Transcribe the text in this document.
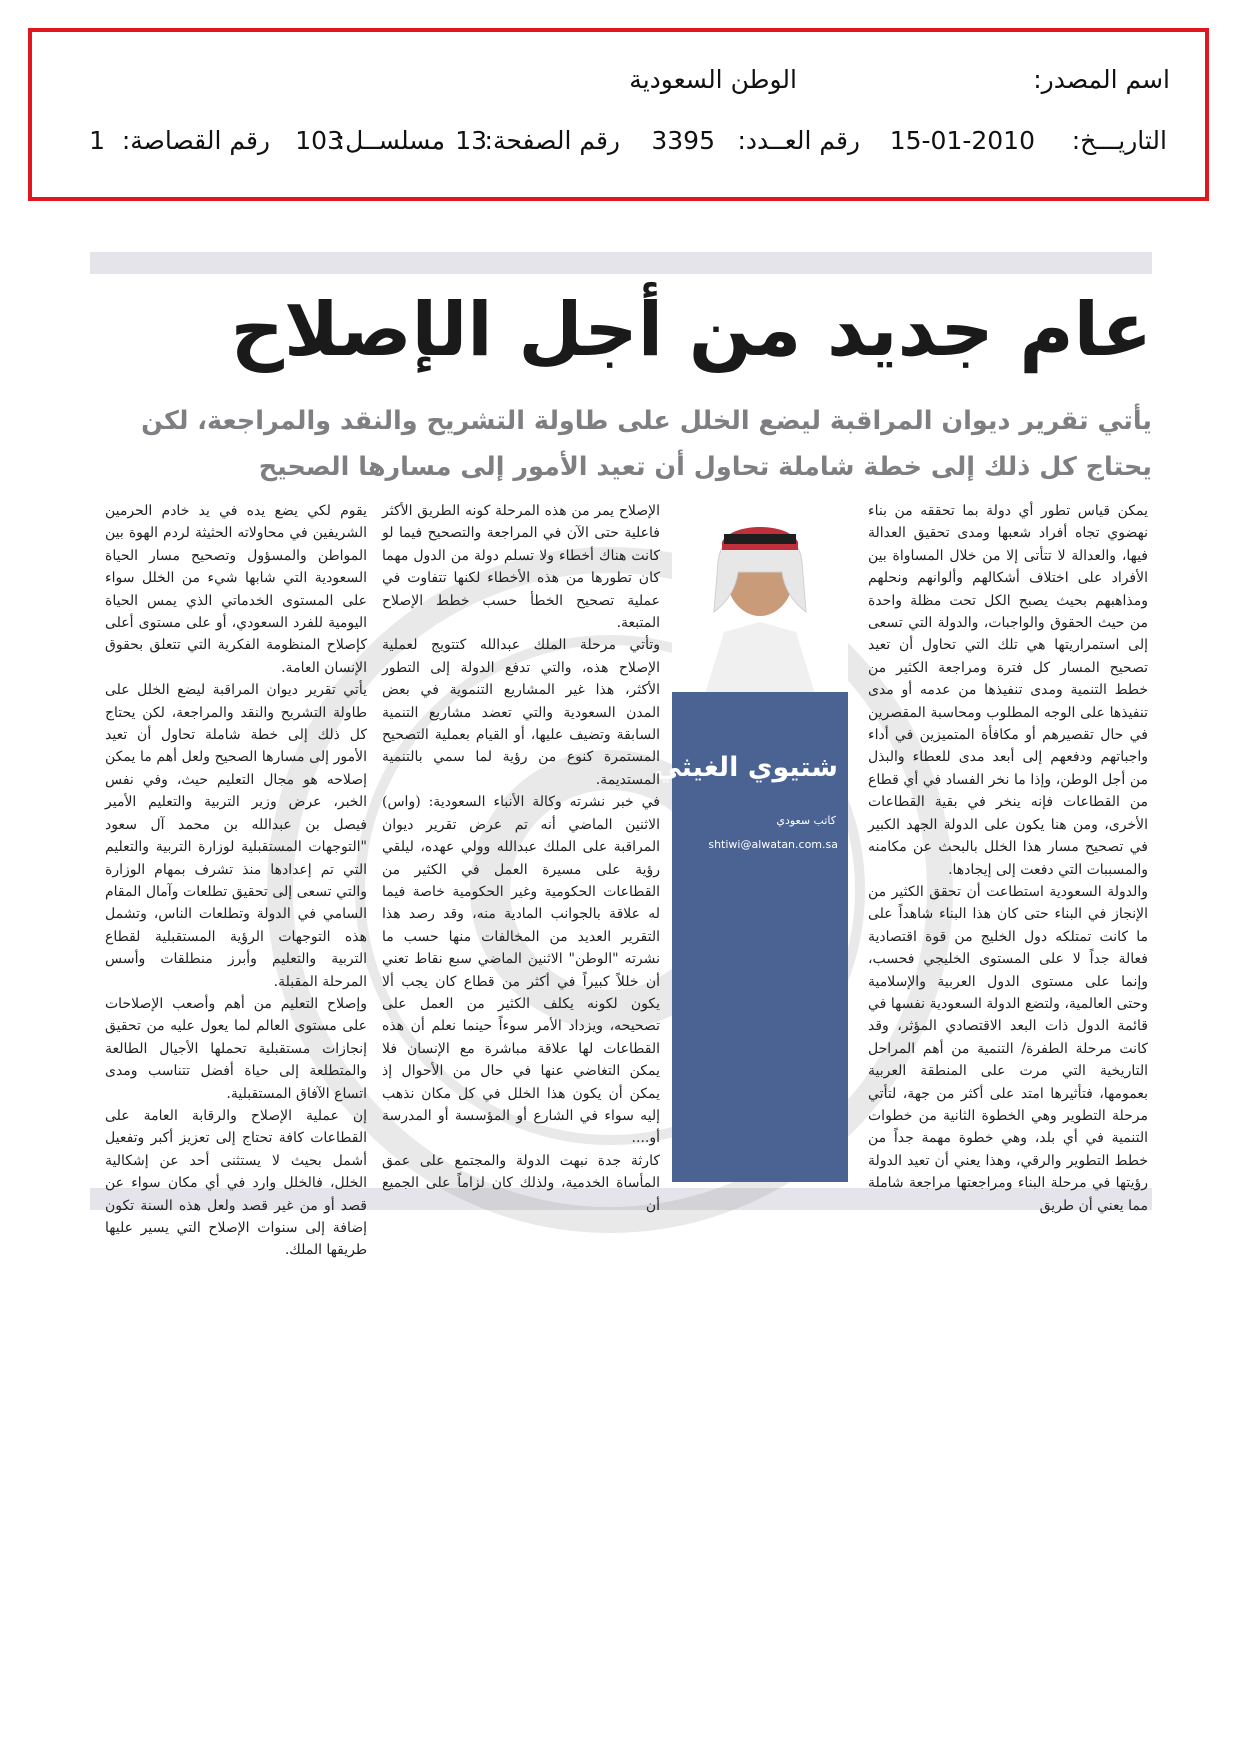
اسم المصدر:
الوطن السعودية
التاريـــخ:
15-01-2010
رقم العــدد:
3395
رقم الصفحة:
13
مسلســل:
103
رقم القصاصة:
1
عام جديد من أجل الإصلاح
يأتي تقرير ديوان المراقبة ليضع الخلل على طاولة التشريح والنقد والمراجعة، لكن يحتاج كل ذلك إلى خطة شاملة تحاول أن تعيد الأمور إلى مسارها الصحيح

يمكن قياس تطور أي دولة بما تحققه من بناء نهضوي تجاه أفراد شعبها ومدى تحقيق العدالة فيها، والعدالة لا تتأتى إلا من خلال المساواة بين الأفراد على اختلاف أشكالهم وألوانهم ونحلهم ومذاهبهم بحيث يصبح الكل تحت مظلة واحدة من حيث الحقوق والواجبات، والدولة التي تسعى إلى استمراريتها هي تلك التي تحاول أن تعيد تصحيح المسار كل فترة ومراجعة الكثير من خطط التنمية ومدى تنفيذها من عدمه أو مدى تنفيذها على الوجه المطلوب ومحاسبة المقصرين في حال تقصيرهم أو مكافأة المتميزين في أداء واجباتهم ودفعهم إلى أبعد مدى للعطاء والبذل من أجل الوطن، وإذا ما نخر الفساد في أي قطاع من القطاعات فإنه ينخر في بقية القطاعات الأخرى، ومن هنا يكون على الدولة الجهد الكبير في تصحيح مسار هذا الخلل بالبحث عن مكامنه والمسببات التي دفعت إلى إيجادها.

والدولة السعودية استطاعت أن تحقق الكثير من الإنجاز في البناء حتى كان هذا البناء شاهداً على ما كانت تمتلكه دول الخليج من قوة اقتصادية فعالة جداً لا على المستوى الخليجي فحسب، وإنما على مستوى الدول العربية والإسلامية وحتى العالمية، ولتضع الدولة السعودية نفسها في قائمة الدول ذات البعد الاقتصادي المؤثر، وقد كانت مرحلة الطفرة/ التنمية من أهم المراحل التاريخية التي مرت على المنطقة العربية بعمومها، فتأثيرها امتد على أكثر من جهة، لتأتي مرحلة التطوير وهي الخطوة الثانية من خطوات التنمية في أي بلد، وهي خطوة مهمة جداً من خطط التطوير والرقي، وهذا يعني أن تعيد الدولة رؤيتها في مرحلة البناء ومراجعتها مراجعة شاملة مما يعني أن طريق

شتيوي الغيثي
كاتب سعودي
shtiwi@alwatan.com.sa

الإصلاح يمر من هذه المرحلة كونه الطريق الأكثر فاعلية حتى الآن في المراجعة والتصحيح فيما لو كانت هناك أخطاء ولا تسلم دولة من الدول مهما كان تطورها من هذه الأخطاء لكنها تتفاوت في عملية تصحيح الخطأ حسب خطط الإصلاح المتبعة.

وتأتي مرحلة الملك عبدالله كتتويج لعملية الإصلاح هذه، والتي تدفع الدولة إلى التطور الأكثر، هذا غير المشاريع التنموية في بعض المدن السعودية والتي تعضد مشاريع التنمية السابقة وتضيف عليها، أو القيام بعملية التصحيح المستمرة كنوع من رؤية لما سمي بالتنمية المستديمة.

في خبر نشرته وكالة الأنباء السعودية: (واس) الاثنين الماضي أنه تم عرض تقرير ديوان المراقبة على الملك عبدالله وولي عهده، ليلقي رؤية على مسيرة العمل في الكثير من القطاعات الحكومية وغير الحكومية خاصة فيما له علاقة بالجوانب المادية منه، وقد رصد هذا التقرير العديد من المخالفات منها حسب ما نشرته "الوطن" الاثنين الماضي سبع نقاط تعني أن خللاً كبيراً في أكثر من قطاع كان يجب ألا يكون لكونه يكلف الكثير من العمل على تصحيحه، ويزداد الأمر سوءاً حينما نعلم أن هذه القطاعات لها علاقة مباشرة مع الإنسان فلا يمكن التغاضي عنها في حال من الأحوال إذ يمكن أن يكون هذا الخلل في كل مكان نذهب إليه سواء في الشارع أو المؤسسة أو المدرسة أو....

كارثة جدة نبهت الدولة والمجتمع على عمق المأساة الخدمية، ولذلك كان لزاماً على الجميع أن

يقوم لكي يضع يده في يد خادم الحرمين الشريفين في محاولاته الحثيثة لردم الهوة بين المواطن والمسؤول وتصحيح مسار الحياة السعودية التي شابها شيء من الخلل سواء على المستوى الخدماتي الذي يمس الحياة اليومية للفرد السعودي، أو على مستوى أعلى كإصلاح المنظومة الفكرية التي تتعلق بحقوق الإنسان العامة.

يأتي تقرير ديوان المراقبة ليضع الخلل على طاولة التشريح والنقد والمراجعة، لكن يحتاج كل ذلك إلى خطة شاملة تحاول أن تعيد الأمور إلى مسارها الصحيح ولعل أهم ما يمكن إصلاحه هو مجال التعليم حيث، وفي نفس الخبر، عرض وزير التربية والتعليم الأمير فيصل بن عبدالله بن محمد آل سعود "التوجهات المستقبلية لوزارة التربية والتعليم التي تم إعدادها منذ تشرف بمهام الوزارة والتي تسعى إلى تحقيق تطلعات وآمال المقام السامي في الدولة وتطلعات الناس، وتشمل هذه التوجهات الرؤية المستقبلية لقطاع التربية والتعليم وأبرز منطلقات وأسس المرحلة المقبلة.

وإصلاح التعليم من أهم وأصعب الإصلاحات على مستوى العالم لما يعول عليه من تحقيق إنجازات مستقبلية تحملها الأجيال الطالعة والمتطلعة إلى حياة أفضل تتناسب ومدى اتساع الآفاق المستقبلية.

إن عملية الإصلاح والرقابة العامة على القطاعات كافة تحتاج إلى تعزيز أكبر وتفعيل أشمل بحيث لا يستثنى أحد عن إشكالية الخلل، فالخلل وارد في أي مكان سواء عن قصد أو من غير قصد ولعل هذه السنة تكون إضافة إلى سنوات الإصلاح التي يسير عليها طريقها الملك.
